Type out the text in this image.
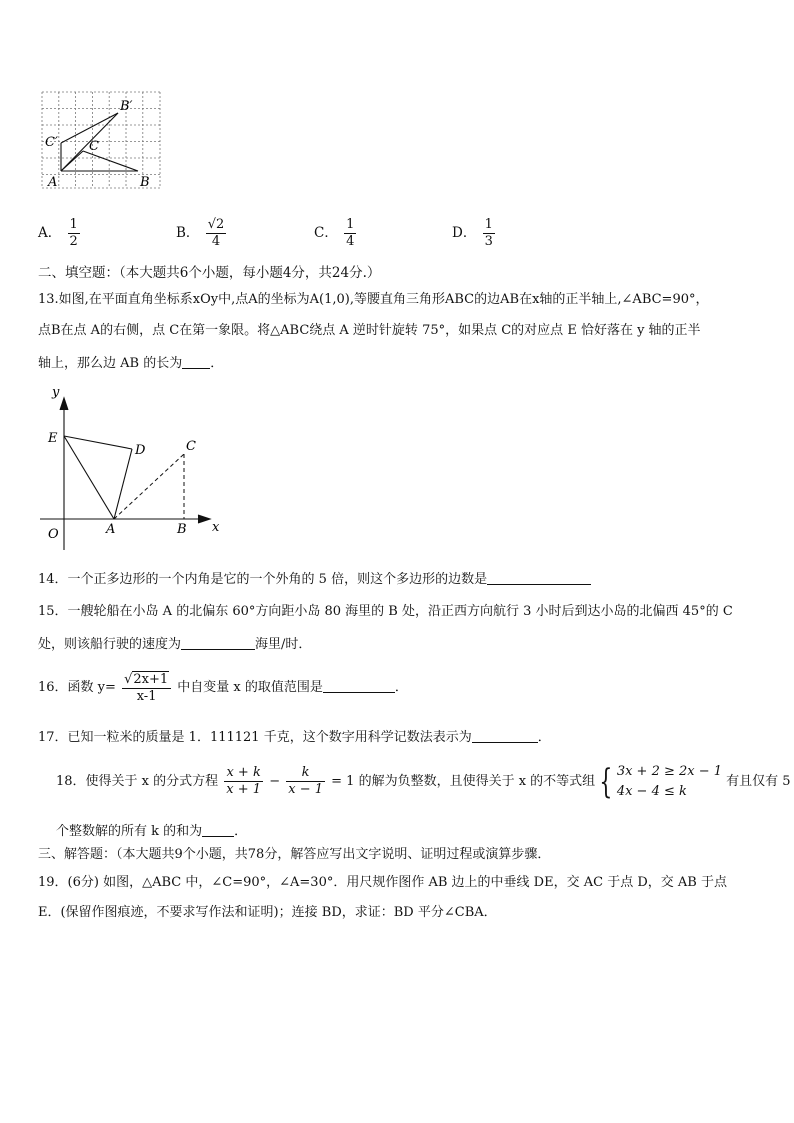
B′
C′ C
A	B
A． $\frac{1}{2}$	B． $\frac{√2}{4}$	C． $\frac{1}{4}$	D． $\frac{1}{3}$
二、填空题：（本大题共6个小题，每小题4分，共24分.）
13.如图,在平面直角坐标系xOy中,点A的坐标为A(1,0),等腰直角三角形ABC的边AB在x轴的正半轴上,∠ABC=90°，
点B在点 A的右侧，点 C在第一象限。将△ABC绕点 A 逆时针旋转 75°，如果点 C的对应点 E 恰好落在 y 轴的正半
轴上，那么边 AB 的长为 ．
y
x
O
E
D	C
A	B
14．一个正多边形的一个内角是它的一个外角的 5 倍，则这个多边形的边数是
15．一艘轮船在小岛 A 的北偏东 60°方向距小岛 80 海里的 B 处，沿正西方向航行 3 小时后到达小岛的北偏西 45°的 C
处，则该船行驶的速度为	海里/时．
16．函数 $y= \frac{√2x+1}{x-1}$ 中自变量 x 的取值范围是	．
17．已知一粒米的质量是 1．111121 千克，这个数字用科学记数法表示为	．
18．使得关于 x 的分式方程 $\frac{x + k}{x + 1} - \frac{k}{x - 1} = 1$ 的解为负整数，且使得关于 x 的不等式组 { 3x + 2 ≥ 2x − 1
4x − 4 ≤ k
有且仅有 5
个整数解的所有 k 的和为 ．
三、解答题：（本大题共9个小题，共78分，解答应写出文字说明、证明过程或演算步骤．
19．(6分) 如图，△ABC 中，∠C=90°，∠A=30°．用尺规作图作 AB 边上的中垂线 DE，交 AC 于点 D，交 AB 于点
E．(保留作图痕迹，不要求写作法和证明)；连接 BD，求证：BD 平分∠CBA．
